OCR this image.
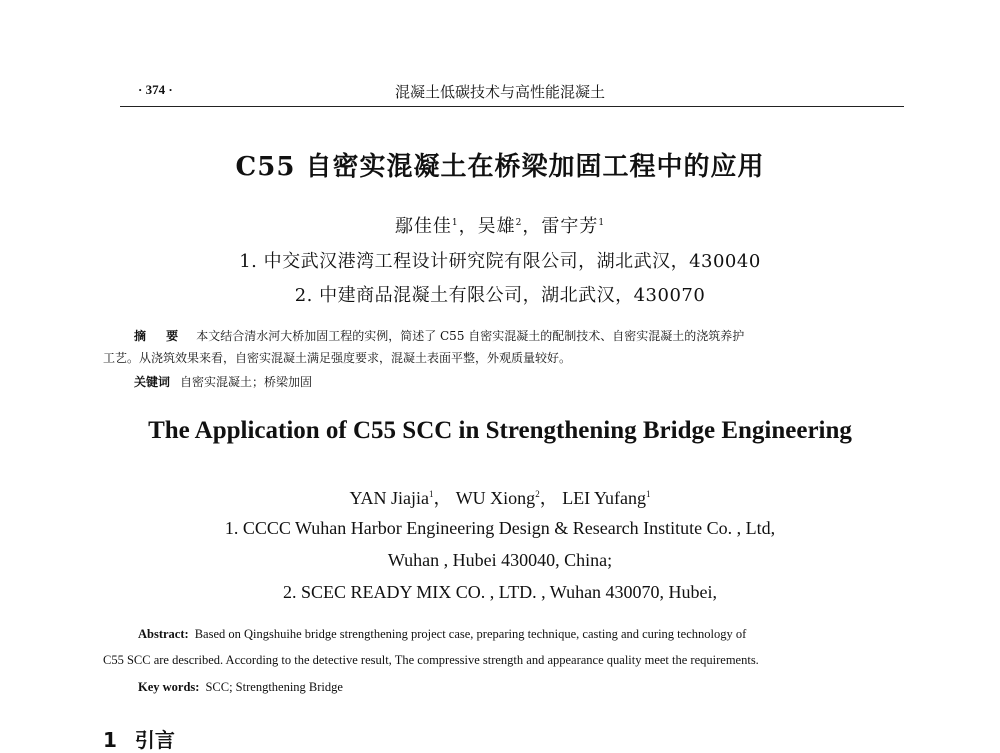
· 374 ·	混凝土低碳技术与高性能混凝土
C55 自密实混凝土在桥梁加固工程中的应用
鄢佳佳$^1$，吴雄$^2$，雷宇芳$^1$
1. 中交武汉港湾工程设计研究院有限公司，湖北武汉，430040
2. 中建商品混凝土有限公司，湖北武汉，430070
摘 要 本文结合清水河大桥加固工程的实例，简述了 C55 自密实混凝土的配制技术、自密实混凝土的浇筑养护
工艺。从浇筑效果来看，自密实混凝土满足强度要求，混凝土表面平整，外观质量较好。
关键词 自密实混凝土；桥梁加固
The Application of C55 SCC in Strengthening Bridge Engineering
YAN Jiajia$^1$， WU Xiong$^2$， LEI Yufang$^1$
1. CCCC Wuhan Harbor Engineering Design & Research Institute Co. , Ltd,
Wuhan , Hubei 430040, China;
2. SCEC READY MIX CO. , LTD. , Wuhan 430070, Hubei,
Abstract: Based on Qingshuihe bridge strengthening project case, preparing technique, casting and curing technology of
C55 SCC are described. According to the detective result, The compressive strength and appearance quality meet the requirements.
Key words: SCC; Strengthening Bridge
1 引言
